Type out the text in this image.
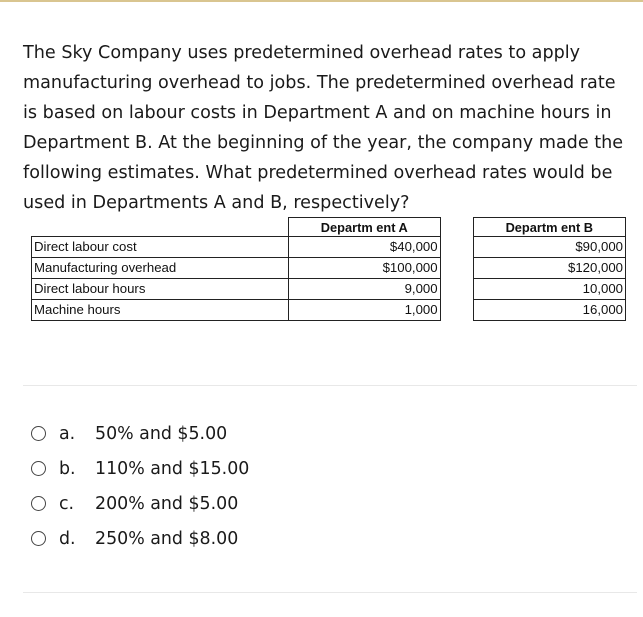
The Sky Company uses predetermined overhead rates to apply manufacturing overhead to jobs. The predetermined overhead rate is based on labour costs in Department A and on machine hours in Department B. At the beginning of the year, the company made the following estimates. What predetermined overhead rates would be used in Departments A and B, respectively?
	Departm ent A		Departm ent B
Direct labour cost	$40,000		$90,000
Manufacturing overhead	$100,000		$120,000
Direct labour hours	9,000		10,000
Machine hours	1,000		16,000
a.	50% and $5.00
b.	110% and $15.00
c.	200% and $5.00
d.	250% and $8.00
